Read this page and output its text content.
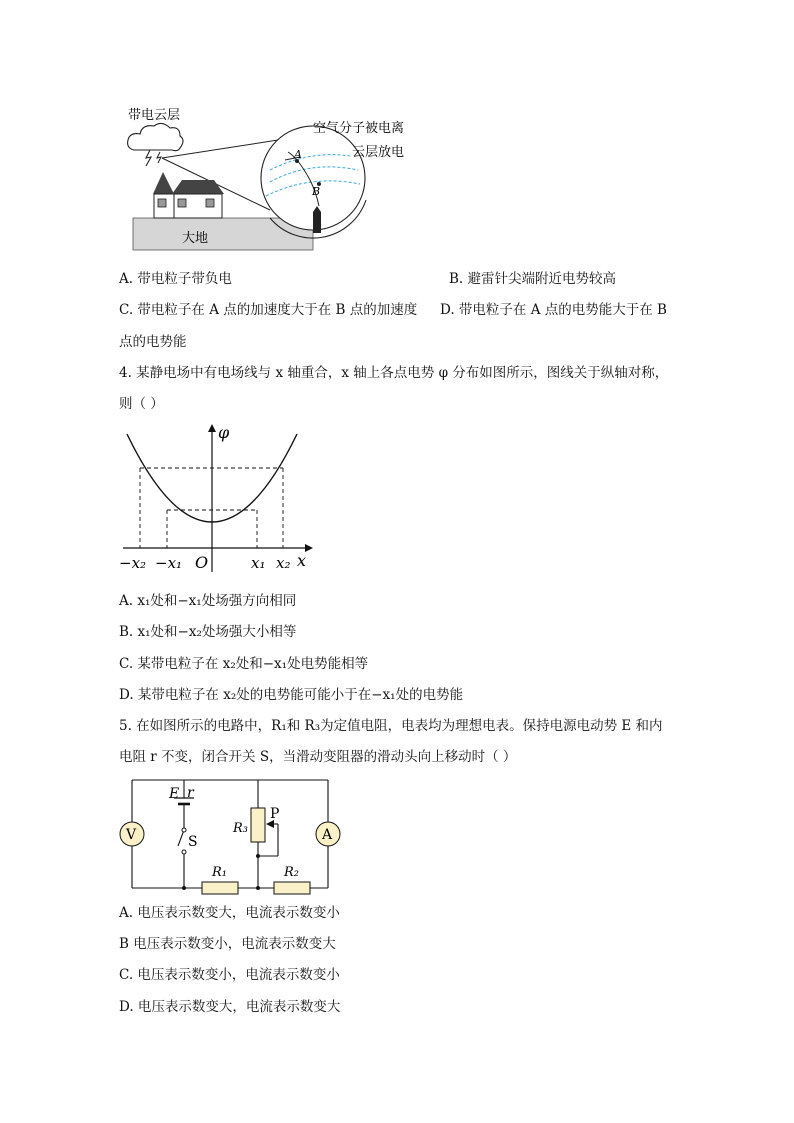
带电云层
大地
A
B
空气分子被电离
云层放电
A. 带电粒子带负电	B. 避雷针尖端附近电势较高
C. 带电粒子在 A 点的加速度大于在 B 点的加速度 D. 带电粒子在 A 点的电势能大于在 B
点的电势能
4. 某静电场中有电场线与 x 轴重合，x 轴上各点电势 φ 分布如图所示，图线关于纵轴对称，
则（ ）
φ
x
O
−x₂ −x₁	x₁ x₂
A. x₁处和−x₁处场强方向相同
B. x₁处和−x₂处场强大小相等
C. 某带电粒子在 x₂处和−x₁处电势能相等
D. 某带电粒子在 x₂处的电势能可能小于在−x₁处的电势能
5. 在如图所示的电路中，R₁和 R₃为定值电阻，电表均为理想电表。保持电源电动势 E 和内
电阻 r 不变，闭合开关 S，当滑动变阻器的滑动头向上移动时（ ）
V	A
E r
S
R₃
P
R₁	R₂
A. 电压表示数变大，电流表示数变小
B 电压表示数变小，电流表示数变大
C. 电压表示数变小，电流表示数变小
D. 电压表示数变大，电流表示数变大
